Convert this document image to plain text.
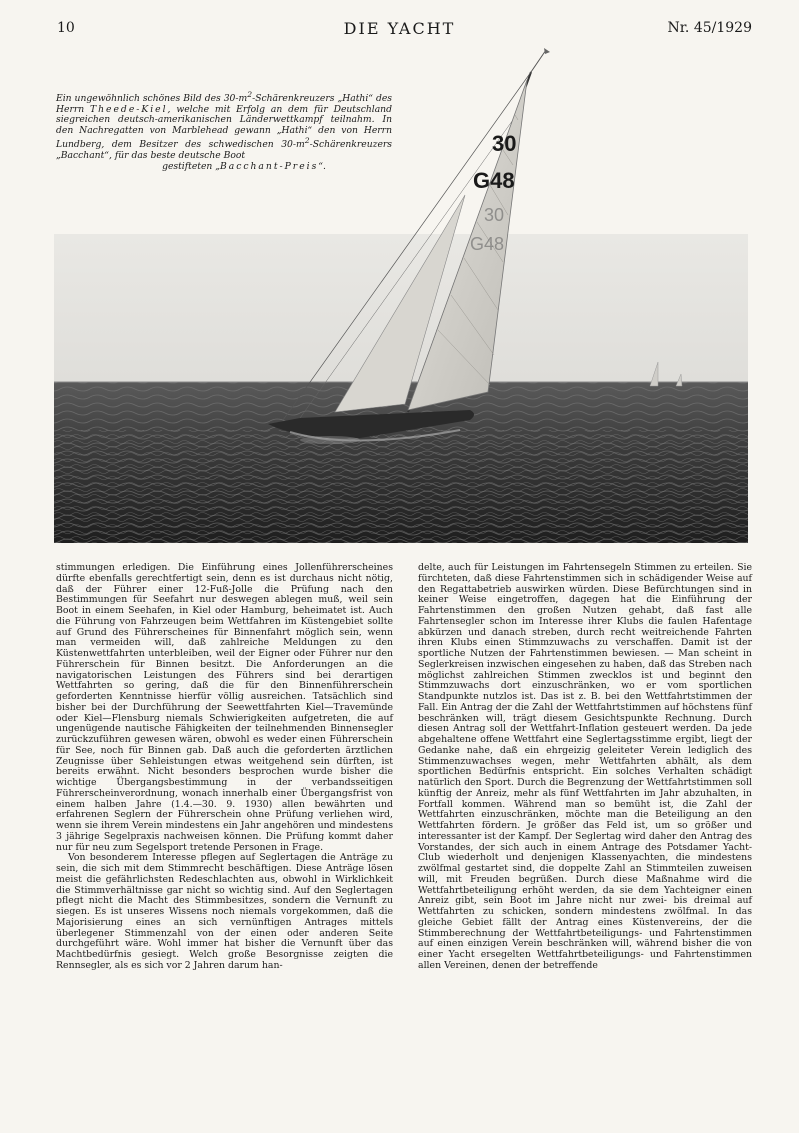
10	DIE YACHT	Nr. 45/1929
Ein ungewöhnlich schönes Bild des $30-m^2$-Schärenkreuzers „Hathi“ des Herrn Theede-Kiel, welche mit Erfolg an dem für Deutschland siegreichen deutsch-amerikanischen Länderwettkampf teilnahm. In den Nachregatten von Marblehead gewann „Hathi“ den von Herrn Lundberg, dem Besitzer des schwedischen $30-m^2$-Schärenkreuzers „Bacchant“, für das beste deutsche Boot
gestifteten „Bacchant-Preis“.
30
G48
30
G48

stimmungen erledigen. Die Einführung eines Jollenführerscheines dürfte ebenfalls gerechtfertigt sein, denn es ist durchaus nicht nötig, daß der Führer einer 12-Fuß-Jolle die Prüfung nach den Bestimmungen für Seefahrt nur deswegen ablegen muß, weil sein Boot in einem Seehafen, in Kiel oder Hamburg, beheimatet ist. Auch die Führung von Fahrzeugen beim Wettfahren im Küstengebiet sollte auf Grund des Führerscheines für Binnenfahrt möglich sein, wenn man vermeiden will, daß zahlreiche Meldungen zu den Küstenwettfahrten unterbleiben, weil der Eigner oder Führer nur den Führerschein für Binnen besitzt. Die Anforderungen an die navigatorischen Leistungen des Führers sind bei derartigen Wettfahrten so gering, daß die für den Binnenführerschein geforderten Kenntnisse hierfür völlig ausreichen. Tatsächlich sind bisher bei der Durchführung der Seewettfahrten Kiel—Travemünde oder Kiel—Flensburg niemals Schwierigkeiten aufgetreten, die auf ungenügende nautische Fähigkeiten der teilnehmenden Binnensegler zurückzuführen gewesen wären, obwohl es weder einen Führerschein für See, noch für Binnen gab. Daß auch die geforderten ärztlichen Zeugnisse über Sehleistungen etwas weitgehend sein dürften, ist bereits erwähnt. Nicht besonders besprochen wurde bisher die wichtige Übergangsbestimmung in der verbandsseitigen Führerscheinverordnung, wonach innerhalb einer Übergangsfrist von einem halben Jahre (1.4.—30. 9. 1930) allen bewährten und erfahrenen Seglern der Führerschein ohne Prüfung verliehen wird, wenn sie ihrem Verein mindestens ein Jahr angehören und mindestens 3 jährige Segelpraxis nachweisen können. Die Prüfung kommt daher nur für neu zum Segelsport tretende Personen in Frage.

Von besonderem Interesse pflegen auf Seglertagen die Anträge zu sein, die sich mit dem Stimmrecht beschäftigen. Diese Anträge lösen meist die gefährlichsten Redeschlachten aus, obwohl in Wirklichkeit die Stimmverhältnisse gar nicht so wichtig sind. Auf den Seglertagen pflegt nicht die Macht des Stimmbesitzes, sondern die Vernunft zu siegen. Es ist unseres Wissens noch niemals vorgekommen, daß die Majorisierung eines an sich vernünftigen Antrages mittels überlegener Stimmenzahl von der einen oder anderen Seite durchgeführt wäre. Wohl immer hat bisher die Vernunft über das Machtbedürfnis gesiegt. Welch große Besorgnisse zeigten die Rennsegler, als es sich vor 2 Jahren darum han-

delte, auch für Leistungen im Fahrtensegeln Stimmen zu erteilen. Sie fürchteten, daß diese Fahrtenstimmen sich in schädigender Weise auf den Regattabetrieb auswirken würden. Diese Befürchtungen sind in keiner Weise eingetroffen, dagegen hat die Einführung der Fahrtenstimmen den großen Nutzen gehabt, daß fast alle Fahrtensegler schon im Interesse ihrer Klubs die faulen Hafentage abkürzen und danach streben, durch recht weitreichende Fahrten ihren Klubs einen Stimmzuwachs zu verschaffen. Damit ist der sportliche Nutzen der Fahrtenstimmen bewiesen. — Man scheint in Seglerkreisen inzwischen eingesehen zu haben, daß das Streben nach möglichst zahlreichen Stimmen zwecklos ist und beginnt den Stimmzuwachs dort einzuschränken, wo er vom sportlichen Standpunkte nutzlos ist. Das ist z. B. bei den Wettfahrtstimmen der Fall. Ein Antrag der die Zahl der Wettfahrtstimmen auf höchstens fünf beschränken will, trägt diesem Gesichtspunkte Rechnung. Durch diesen Antrag soll der Wettfahrt-Inflation gesteuert werden. Da jede abgehaltene offene Wettfahrt eine Seglertagsstimme ergibt, liegt der Gedanke nahe, daß ein ehrgeizig geleiteter Verein lediglich des Stimmenzuwachses wegen, mehr Wettfahrten abhält, als dem sportlichen Bedürfnis entspricht. Ein solches Verhalten schädigt natürlich den Sport. Durch die Begrenzung der Wettfahrtstimmen soll künftig der Anreiz, mehr als fünf Wettfahrten im Jahr abzuhalten, in Fortfall kommen. Während man so bemüht ist, die Zahl der Wettfahrten einzuschränken, möchte man die Beteiligung an den Wettfahrten fördern. Je größer das Feld ist, um so größer und interessanter ist der Kampf. Der Seglertag wird daher den Antrag des Vorstandes, der sich auch in einem Antrage des Potsdamer Yacht-Club wiederholt und denjenigen Klassenyachten, die mindestens zwölfmal gestartet sind, die doppelte Zahl an Stimmteilen zuweisen will, mit Freuden begrüßen. Durch diese Maßnahme wird die Wettfahrtbeteiligung erhöht werden, da sie dem Yachteigner einen Anreiz gibt, sein Boot im Jahre nicht nur zwei- bis dreimal auf Wettfahrten zu schicken, sondern mindestens zwölfmal. In das gleiche Gebiet fällt der Antrag eines Küstenvereins, der die Stimmberechnung der Wettfahrtbeteiligungs- und Fahrtenstimmen auf einen einzigen Verein beschränken will, während bisher die von einer Yacht ersegelten Wettfahrtbeteiligungs- und Fahrtenstimmen allen Vereinen, denen der betreffende
